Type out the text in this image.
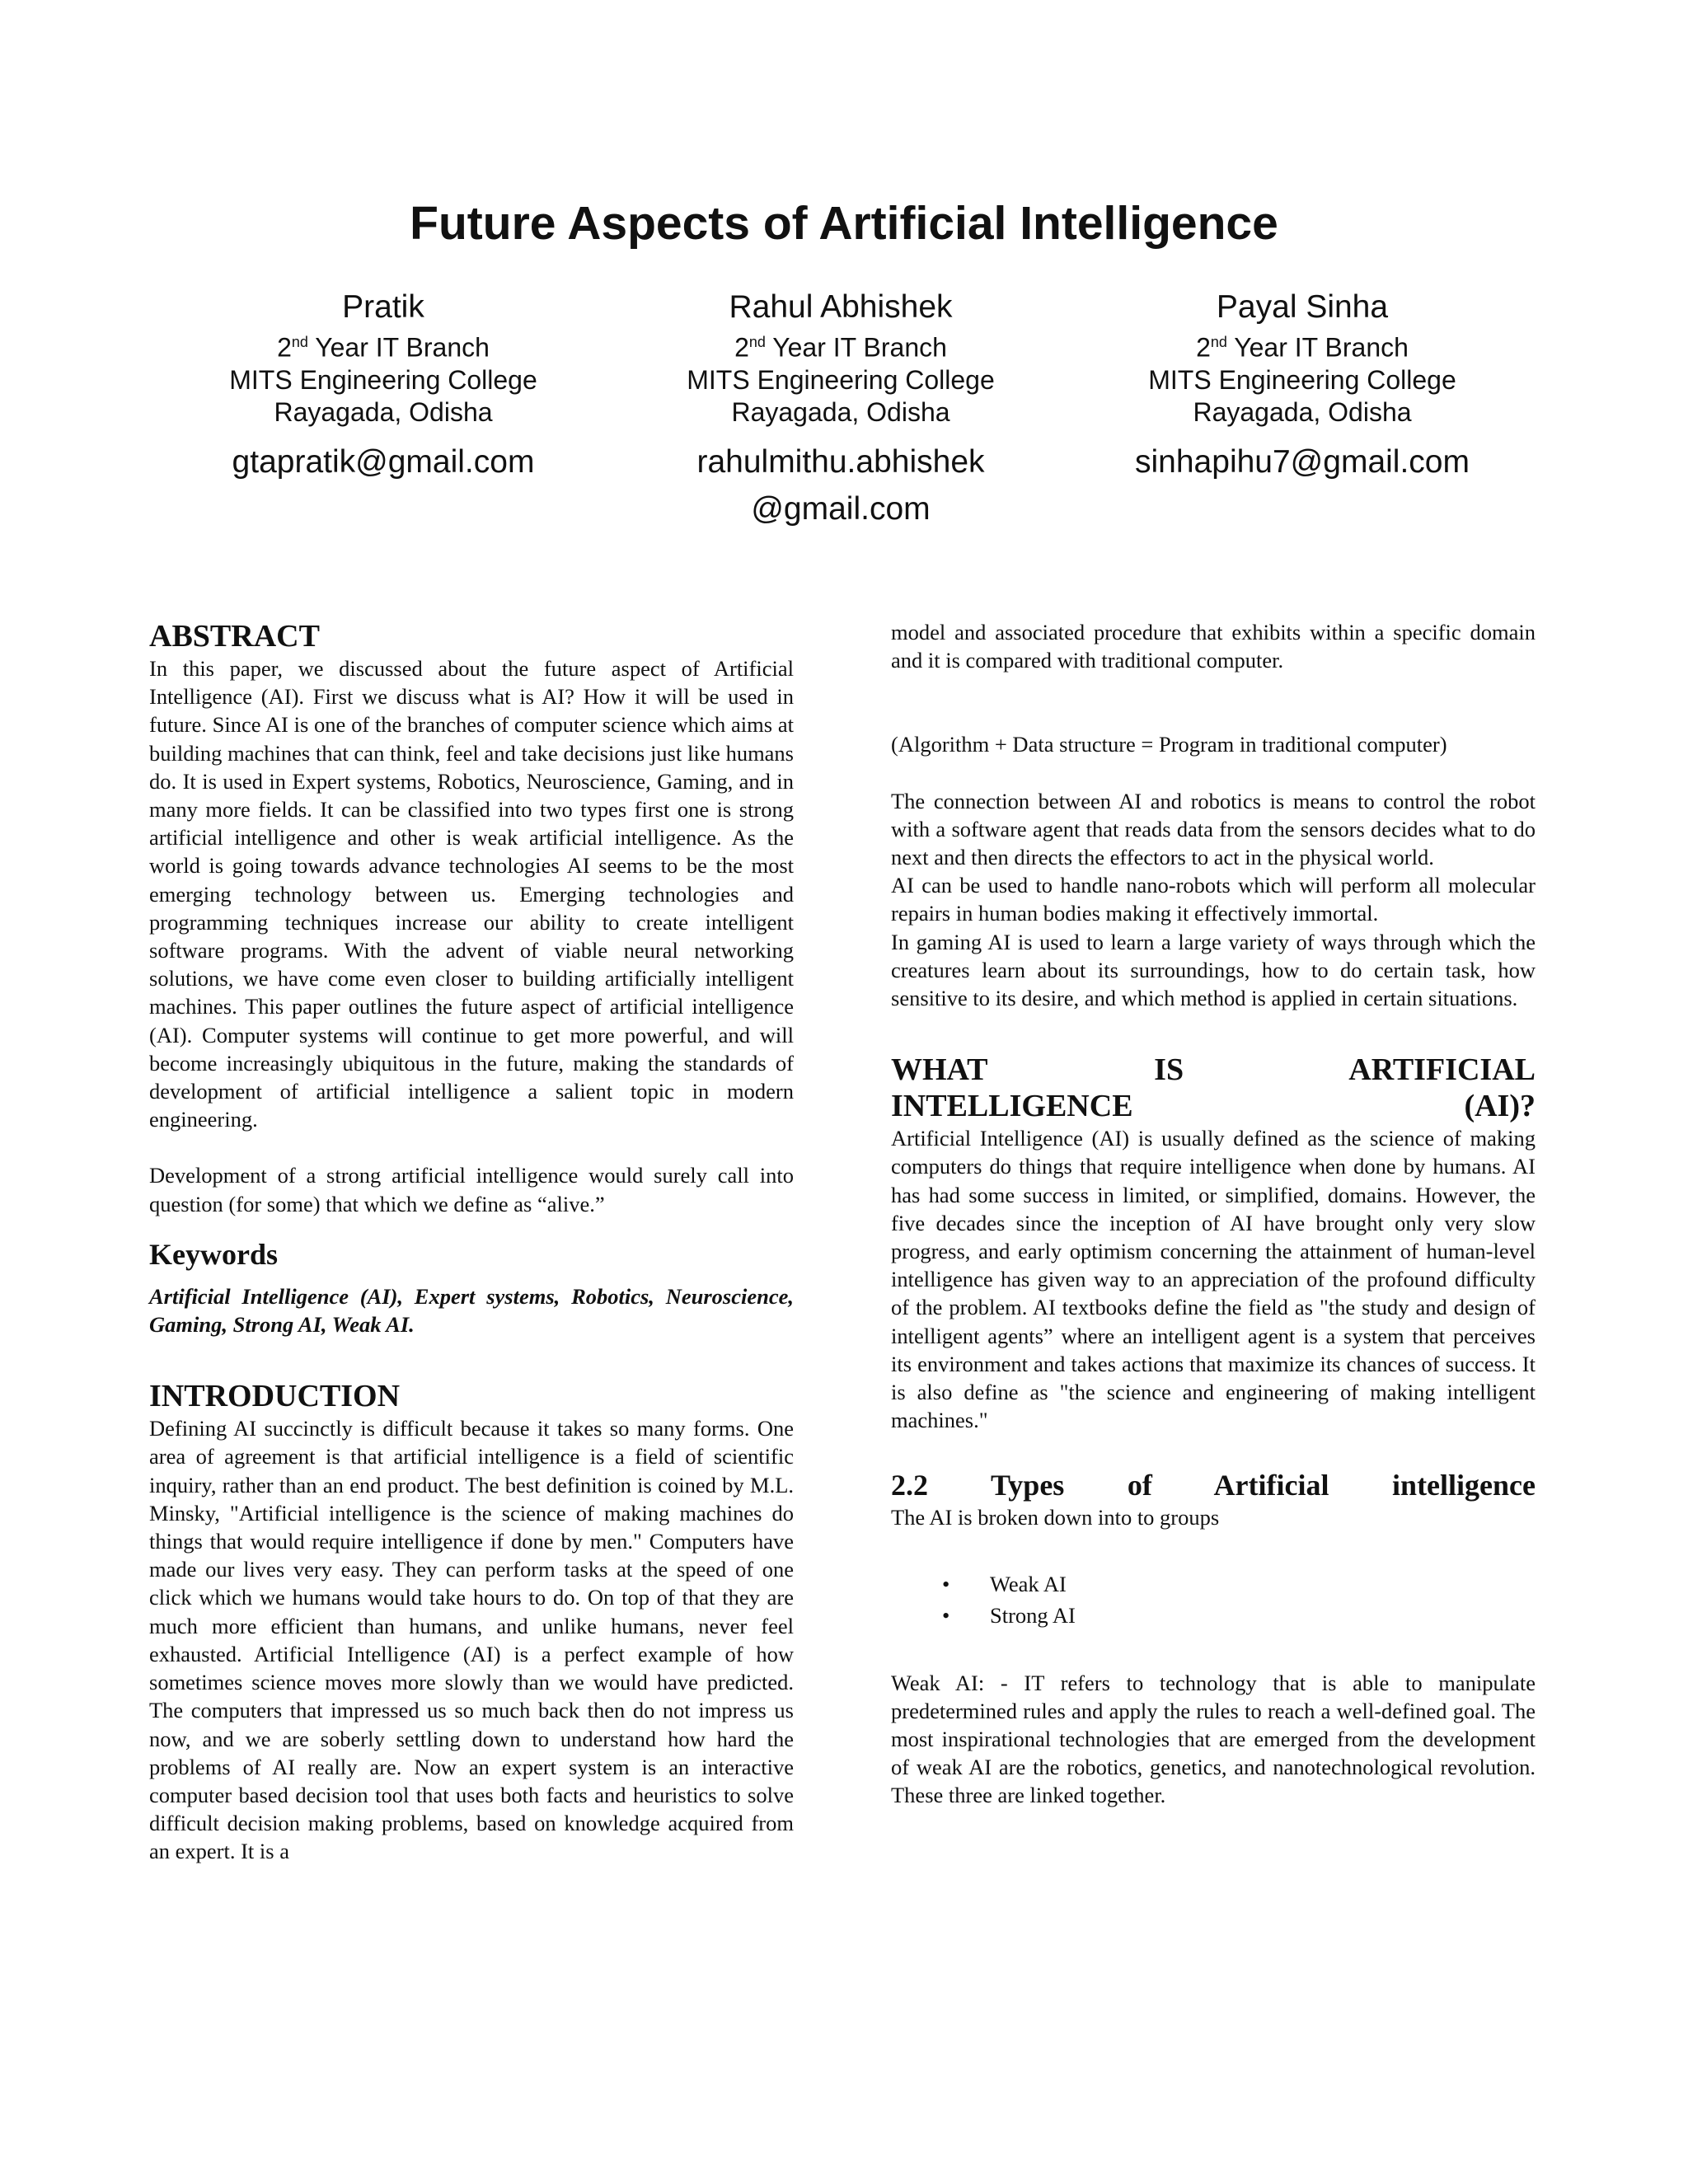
Future Aspects of Artificial Intelligence
Pratik
2nd Year IT Branch
MITS Engineering College
Rayagada, Odisha
gtapratik@gmail.com
Rahul Abhishek
2nd Year IT Branch
MITS Engineering College
Rayagada, Odisha
rahulmithu.abhishek
@gmail.com
Payal Sinha
2nd Year IT Branch
MITS Engineering College
Rayagada, Odisha
sinhapihu7@gmail.com
ABSTRACT

In this paper, we discussed about the future aspect of Artificial Intelligence (AI). First we discuss what is AI? How it will be used in future. Since AI is one of the branches of computer science which aims at building machines that can think, feel and take decisions just like humans do. It is used in Expert systems, Robotics, Neuroscience, Gaming, and in many more fields. It can be classified into two types first one is strong artificial intelligence and other is weak artificial intelligence. As the world is going towards advance technologies AI seems to be the most emerging technology between us. Emerging technologies and programming techniques increase our ability to create intelligent software programs. With the advent of viable neural networking solutions, we have come even closer to building artificially intelligent machines. This paper outlines the future aspect of artificial intelligence (AI). Computer systems will continue to get more powerful, and will become increasingly ubiquitous in the future, making the standards of development of artificial intelligence a salient topic in modern engineering.

Development of a strong artificial intelligence would surely call into question (for some) that which we define as “alive.”

Keywords

Artificial Intelligence (AI), Expert systems, Robotics, Neuroscience, Gaming, Strong AI, Weak AI.

INTRODUCTION

Defining AI succinctly is difficult because it takes so many forms. One area of agreement is that artificial intelligence is a field of scientific inquiry, rather than an end product. The best definition is coined by M.L. Minsky, "Artificial intelligence is the science of making machines do things that would require intelligence if done by men." Computers have made our lives very easy. They can perform tasks at the speed of one click which we humans would take hours to do. On top of that they are much more efficient than humans, and unlike humans, never feel exhausted. Artificial Intelligence (AI) is a perfect example of how sometimes science moves more slowly than we would have predicted. The computers that impressed us so much back then do not impress us now, and we are soberly settling down to understand how hard the problems of AI really are. Now an expert system is an interactive computer based decision tool that uses both facts and heuristics to solve difficult decision making problems, based on knowledge acquired from an expert. It is a

model and associated procedure that exhibits within a specific domain and it is compared with traditional computer.

(Algorithm + Data structure = Program in traditional computer)

The connection between AI and robotics is means to control the robot with a software agent that reads data from the sensors decides what to do next and then directs the effectors to act in the physical world.

AI can be used to handle nano-robots which will perform all molecular repairs in human bodies making it effectively immortal.

In gaming AI is used to learn a large variety of ways through which the creatures learn about its surroundings, how to do certain task, how sensitive to its desire, and which method is applied in certain situations.

WHAT IS ARTIFICIAL
INTELLIGENCE (AI)?

Artificial Intelligence (AI) is usually defined as the science of making computers do things that require intelligence when done by humans. AI has had some success in limited, or simplified, domains. However, the five decades since the inception of AI have brought only very slow progress, and early optimism concerning the attainment of human-level intelligence has given way to an appreciation of the profound difficulty of the problem. AI textbooks define the field as "the study and design of intelligent agents” where an intelligent agent is a system that perceives its environment and takes actions that maximize its chances of success. It is also define as "the science and engineering of making intelligent machines."

2.2 Types of Artificial intelligence

The AI is broken down into to groups

• Weak AI
• Strong AI

Weak AI: - IT refers to technology that is able to manipulate predetermined rules and apply the rules to reach a well-defined goal. The most inspirational technologies that are emerged from the development of weak AI are the robotics, genetics, and nanotechnological revolution. These three are linked together.
